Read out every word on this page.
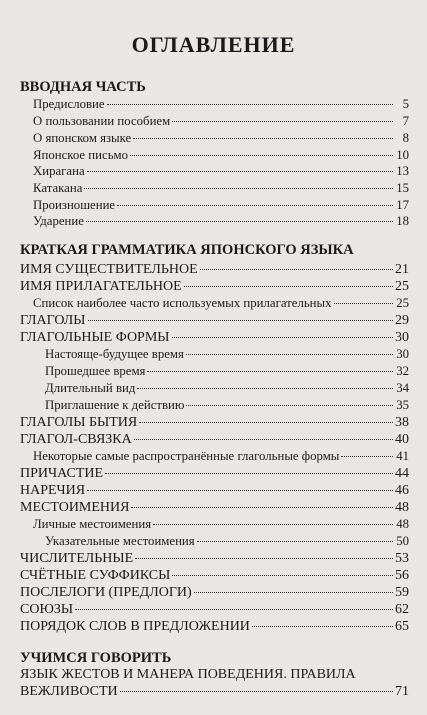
ОГЛАВЛЕНИЕ
ВВОДНАЯ ЧАСТЬ
Предисловие	5
О пользовании пособием	7
О японском языке	8
Японское письмо	10
Хирагана	13
Катакана	15
Произношение	17
Ударение	18
КРАТКАЯ ГРАММАТИКА ЯПОНСКОГО ЯЗЫКА
ИМЯ СУЩЕСТВИТЕЛЬНОЕ	21
ИМЯ ПРИЛАГАТЕЛЬНОЕ	25
Список наиболее часто используемых прилагательных	25
ГЛАГОЛЫ	29
ГЛАГОЛЬНЫЕ ФОРМЫ	30
Настояще-будущее время	30
Прошедшее время	32
Длительный вид	34
Приглашение к действию	35
ГЛАГОЛЫ БЫТИЯ	38
ГЛАГОЛ-СВЯЗКА	40
Некоторые самые распространённые глагольные формы	41
ПРИЧАСТИЕ	44
НАРЕЧИЯ	46
МЕСТОИМЕНИЯ	48
Личные местоимения	48
Указательные местоимения	50
ЧИСЛИТЕЛЬНЫЕ	53
СЧЁТНЫЕ СУФФИКСЫ	56
ПОСЛЕЛОГИ (ПРЕДЛОГИ)	59
СОЮЗЫ	62
ПОРЯДОК СЛОВ В ПРЕДЛОЖЕНИИ	65
УЧИМСЯ ГОВОРИТЬ
ЯЗЫК ЖЕСТОВ И МАНЕРА ПОВЕДЕНИЯ. ПРАВИЛА
ВЕЖЛИВОСТИ	71
